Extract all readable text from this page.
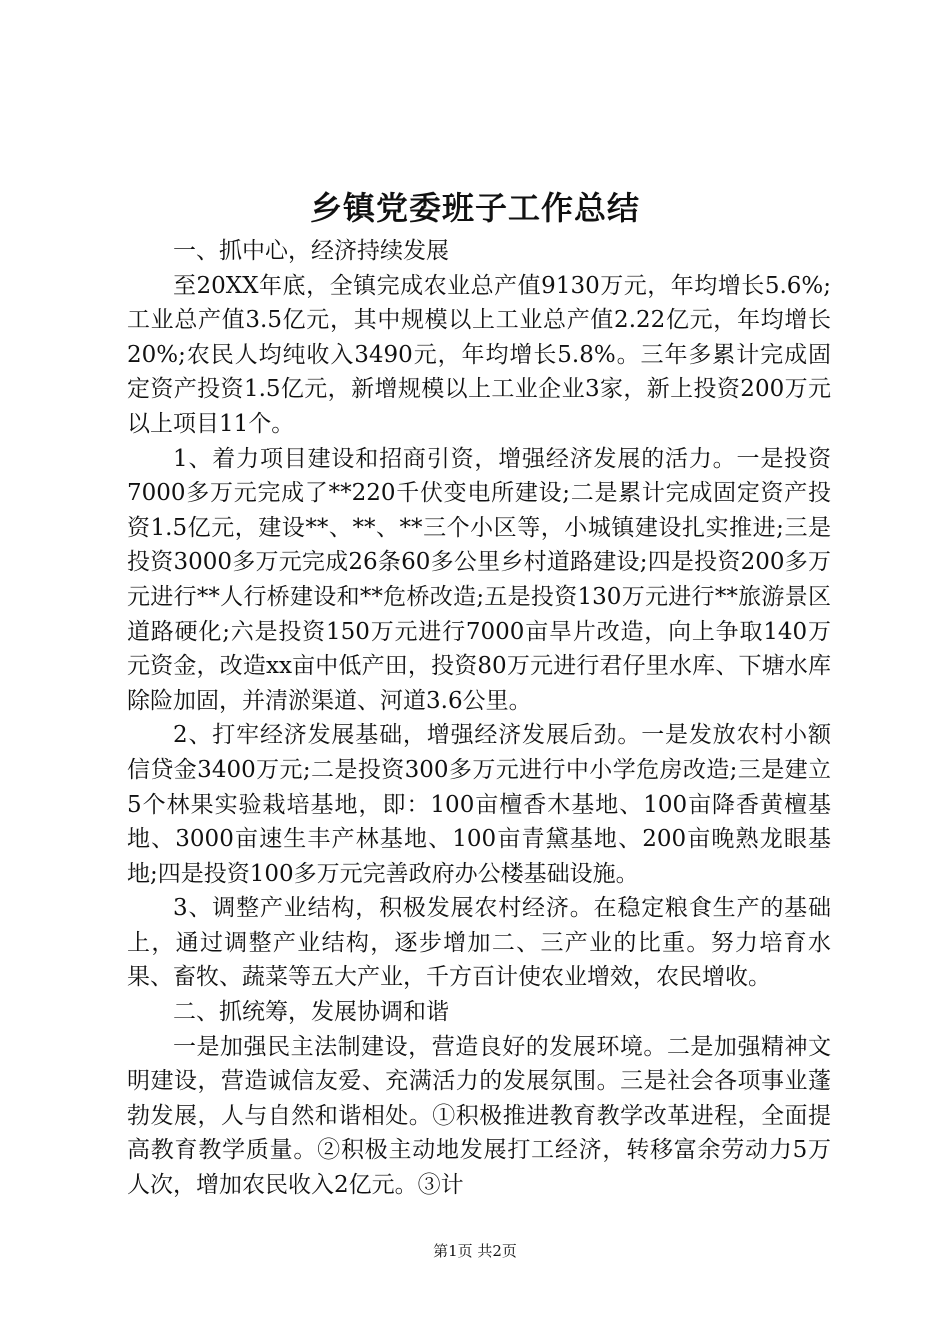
乡镇党委班子工作总结

一、抓中心，经济持续发展

至20XX年底，全镇完成农业总产值9130万元，年均增长5.6%;工业总产值3.5亿元，其中规模以上工业总产值2.22亿元，年均增长20%;农民人均纯收入3490元，年均增长5.8%。三年多累计完成固定资产投资1.5亿元，新增规模以上工业企业3家，新上投资200万元以上项目11个。

1、着力项目建设和招商引资，增强经济发展的活力。一是投资7000多万元完成了**220千伏变电所建设;二是累计完成固定资产投资1.5亿元，建设**、**、**三个小区等，小城镇建设扎实推进;三是投资3000多万元完成26条60多公里乡村道路建设;四是投资200多万元进行**人行桥建设和**危桥改造;五是投资130万元进行**旅游景区道路硬化;六是投资150万元进行7000亩旱片改造，向上争取140万元资金，改造xx亩中低产田，投资80万元进行君仔里水库、下塘水库除险加固，并清淤渠道、河道3.6公里。

2、打牢经济发展基础，增强经济发展后劲。一是发放农村小额信贷金3400万元;二是投资300多万元进行中小学危房改造;三是建立5个林果实验栽培基地，即：100亩檀香木基地、100亩降香黄檀基地、3000亩速生丰产林基地、100亩青黛基地、200亩晚熟龙眼基地;四是投资100多万元完善政府办公楼基础设施。

3、调整产业结构，积极发展农村经济。在稳定粮食生产的基础上，通过调整产业结构，逐步增加二、三产业的比重。努力培育水果、畜牧、蔬菜等五大产业，千方百计使农业增效，农民增收。

二、抓统筹，发展协调和谐

一是加强民主法制建设，营造良好的发展环境。二是加强精神文明建设，营造诚信友爱、充满活力的发展氛围。三是社会各项事业蓬勃发展，人与自然和谐相处。①积极推进教育教学改革进程，全面提高教育教学质量。②积极主动地发展打工经济，转移富余劳动力5万人次，增加农民收入2亿元。③计

第1页 共2页
